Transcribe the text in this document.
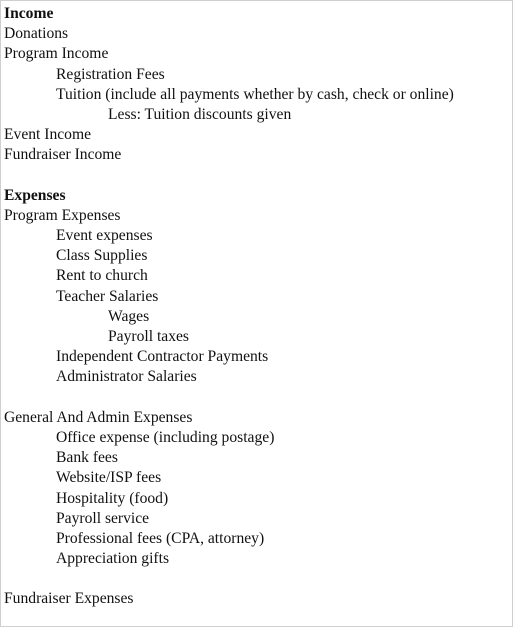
Income
Donations
Program Income
Registration Fees
Tuition (include all payments whether by cash, check or online)
Less: Tuition discounts given
Event Income
Fundraiser Income
Expenses
Program Expenses
Event expenses
Class Supplies
Rent to church
Teacher Salaries
Wages
Payroll taxes
Independent Contractor Payments
Administrator Salaries
General And Admin Expenses
Office expense (including postage)
Bank fees
Website/ISP fees
Hospitality (food)
Payroll service
Professional fees (CPA, attorney)
Appreciation gifts
Fundraiser Expenses
